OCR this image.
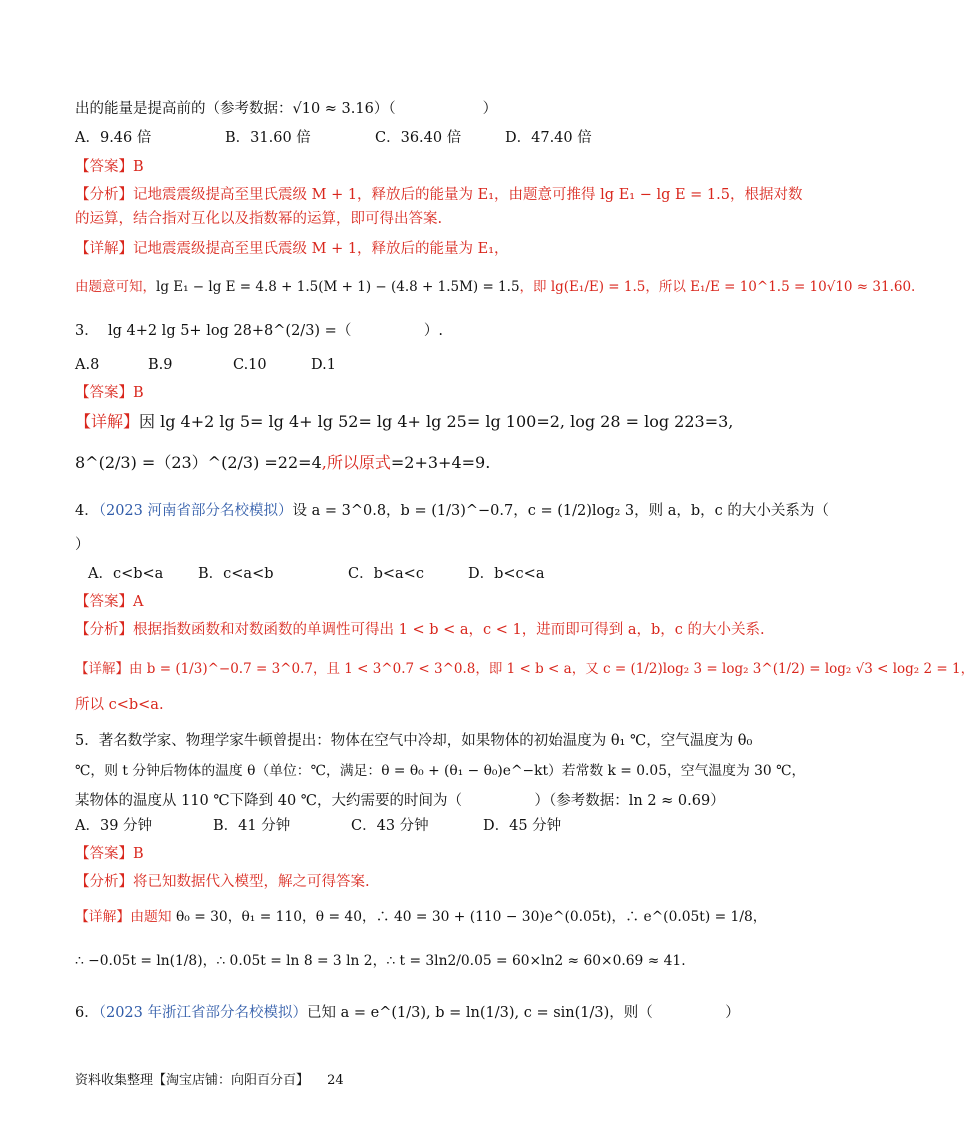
出的能量是提高前的（参考数据：√10 ≈ 3.16）（　　　　　　）
A．9.46 倍	B．31.60 倍	C．36.40 倍	D．47.40 倍
【答案】B
【分析】记地震震级提高至里氏震级 M + 1，释放后的能量为 E₁，由题意可推得 lg E₁ − lg E = 1.5，根据对数
的运算，结合指对互化以及指数幂的运算，即可得出答案.
【详解】记地震震级提高至里氏震级 M + 1，释放后的能量为 E₁，
由题意可知，lg E₁ − lg E = 4.8 + 1.5(M + 1) − (4.8 + 1.5M) = 1.5，即 lg(E₁/E) = 1.5，所以 E₁/E = 10^1.5 = 10√10 ≈ 31.60.
3．  lg 4+2 lg 5+ log 28+8^(2/3) =（　　　　　）.
A.8	B.9	C.10	D.1
【答案】B
【详解】因 lg 4+2 lg 5= lg 4+ lg 52= lg 4+ lg 25= lg 100=2, log 28 = log 223=3,
8^(2/3) =（23）^(2/3) =22=4,所以原式=2+3+4=9.
4．（2023 河南省部分名校模拟）设 a = 3^0.8，b = (1/3)^−0.7，c = (1/2)log₂ 3，则 a，b，c 的大小关系为（
）
A．c<b<a	B．c<a<b	C．b<a<c	D．b<c<a
【答案】A
【分析】根据指数函数和对数函数的单调性可得出 1 < b < a，c < 1，进而即可得到 a，b，c 的大小关系.
【详解】由 b = (1/3)^−0.7 = 3^0.7，且 1 < 3^0.7 < 3^0.8，即 1 < b < a，又 c = (1/2)log₂ 3 = log₂ 3^(1/2) = log₂ √3 < log₂ 2 = 1，
所以 c<b<a.
5．著名数学家、物理学家牛顿曾提出：物体在空气中冷却，如果物体的初始温度为 θ₁ ℃，空气温度为 θ₀
℃，则 t 分钟后物体的温度 θ（单位：℃，满足：θ = θ₀ + (θ₁ − θ₀)e^−kt）若常数 k = 0.05，空气温度为 30 ℃，
某物体的温度从 110 ℃下降到 40 ℃，大约需要的时间为（　　　　　）（参考数据：ln 2 ≈ 0.69）
A．39 分钟	B．41 分钟	C．43 分钟	D．45 分钟
【答案】B
【分析】将已知数据代入模型，解之可得答案.
【详解】由题知 θ₀ = 30，θ₁ = 110，θ = 40，∴ 40 = 30 + (110 − 30)e^(0.05t)，∴ e^(0.05t) = 1/8，
∴ −0.05t = ln(1/8)，∴ 0.05t = ln 8 = 3 ln 2，∴ t = 3ln2/0.05 = 60×ln2 ≈ 60×0.69 ≈ 41.
6．（2023 年浙江省部分名校模拟）已知 a = e^(1/3), b = ln(1/3), c = sin(1/3)，则（　　　　　）
资料收集整理【淘宝店铺：向阳百分百】 24
